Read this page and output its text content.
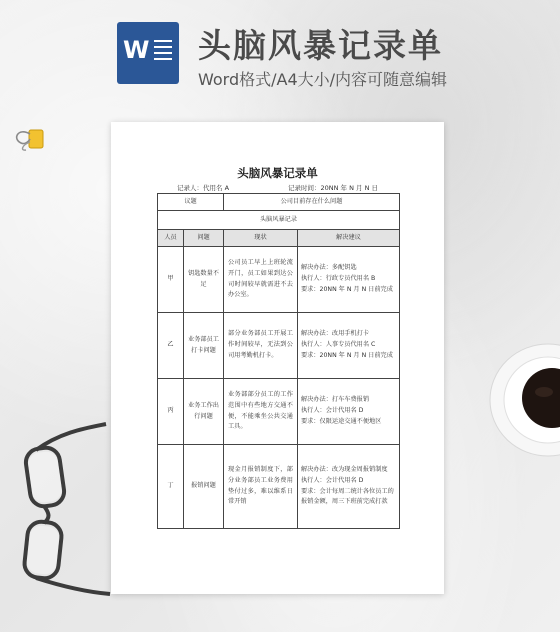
W 头脑风暴记录单
Word格式/A4大小/内容可随意编辑
头脑风暴记录单
记录人：代用名 A	记录时间：20NN 年 N 月 N 日
议题		公司目前存在什么问题	
头脑风暴记录			
人员	问题	现状	解决建议
甲	钥匙数量不足	公司员工早上上班轮流开门，员工如果到达公司时间较早就需进不去办公室。	解决办法：多配钥匙
执行人：行政专员代用名 B
要求：20NN 年 N 月 N 日前完成

乙	业务部员工打卡问题	部分业务部员工开展工作时间较早，无法到公司用考勤机打卡。	解决办法：改用手机打卡
执行人：人事专员代用名 C
要求：20NN 年 N 月 N 日前完成

丙	业务工作出行问题	业务部部分员工的工作范围中有些地方交通不便，不能乘坐公共交通工具。	解决办法：打车车费报销
执行人：会计代用名 D
要求：仅限运途交通不便地区

丁	报销问题	现金月报销制度下，部分业务部员工业务费用垫付过多，难以维系日常开销	解决办法：改为现金周报销制度
执行人：会计代用名 D
要求：会计每周二统计各位员工的报销金额，周三下班前完成打款
